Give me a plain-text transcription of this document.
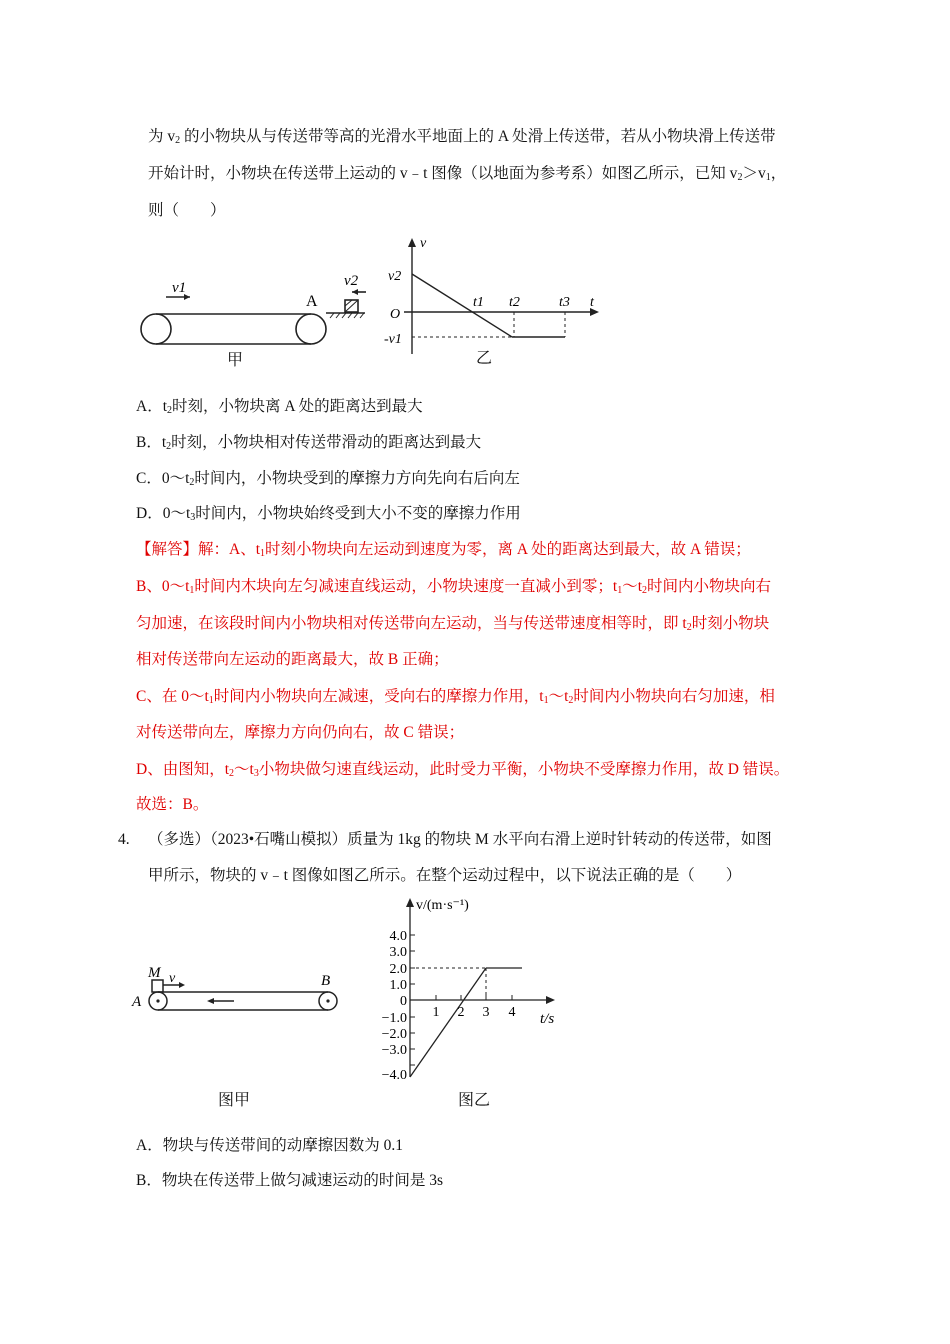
为 $v_2$ 的小物块从与传送带等高的光滑水平地面上的 A 处滑上传送带，若从小物块滑上传送带
开始计时，小物块在传送带上运动的 v﹣t 图像（以地面为参考系）如图乙所示，已知 $v_2>v_1$，
则（　　）
v1	v2
A
甲
v
t
O
v2
-v1
t1 t2	t3
乙
A．$t_2$时刻，小物块离 A 处的距离达到最大
B．$t_2$时刻，小物块相对传送带滑动的距离达到最大
C．$0\sim t_2$时间内，小物块受到的摩擦力方向先向右后向左
D．$0\sim t_3$时间内，小物块始终受到大小不变的摩擦力作用
【解答】解：A、$t_1$时刻小物块向左运动到速度为零，离 A 处的距离达到最大，故 A 错误；
B、$0\sim t_1$时间内木块向左匀减速直线运动，小物块速度一直减小到零；$t_1\sim t_2$时间内小物块向右
匀加速，在该段时间内小物块相对传送带向左运动，当与传送带速度相等时，即 $t_2$时刻小物块
相对传送带向左运动的距离最大，故 B 正确；
C、在 $0\sim t_1$时间内小物块向左减速，受向右的摩擦力作用，$t_1\sim t_2$时间内小物块向右匀加速，相
对传送带向左，摩擦力方向仍向右，故 C 错误；
D、由图知，$t_2\sim t_3$小物块做匀速直线运动，此时受力平衡，小物块不受摩擦力作用，故 D 错误。
故选：B。
4. （多选）（2023•石嘴山模拟）质量为 1kg 的物块 M 水平向右滑上逆时针转动的传送带，如图
甲所示，物块的 v﹣t 图像如图乙所示。在整个运动过程中，以下说法正确的是（　　）
M v
A
B
图甲
v/(m·s⁻¹)
t/s
4.0
3.0
2.0
1.0
0
−1.0
−2.0
−3.0
−4.0
1 2 3 4
图乙
A．物块与传送带间的动摩擦因数为 0.1
B．物块在传送带上做匀减速运动的时间是 3s
